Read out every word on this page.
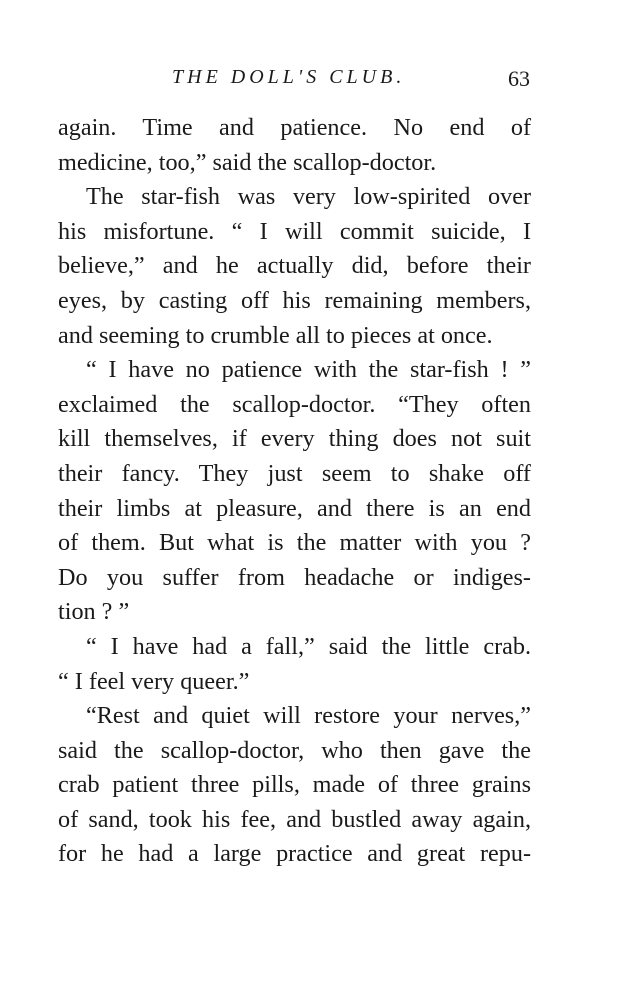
THE DOLL'S CLUB.	63
again. Time and patience. No end of
medicine, too,” said the scallop-doctor.
The star-fish was very low-spirited over
his misfortune. “ I will commit suicide, I
believe,” and he actually did, before their
eyes, by casting off his remaining members,
and seeming to crumble all to pieces at once.
“ I have no patience with the star-fish ! ”
exclaimed the scallop-doctor. “They often
kill themselves, if every thing does not suit
their fancy. They just seem to shake off
their limbs at pleasure, and there is an end
of them. But what is the matter with you ?
Do you suffer from headache or indiges-
tion ? ”
“ I have had a fall,” said the little crab.
“ I feel very queer.”
“Rest and quiet will restore your nerves,”
said the scallop-doctor, who then gave the
crab patient three pills, made of three grains
of sand, took his fee, and bustled away again,
for he had a large practice and great repu-
